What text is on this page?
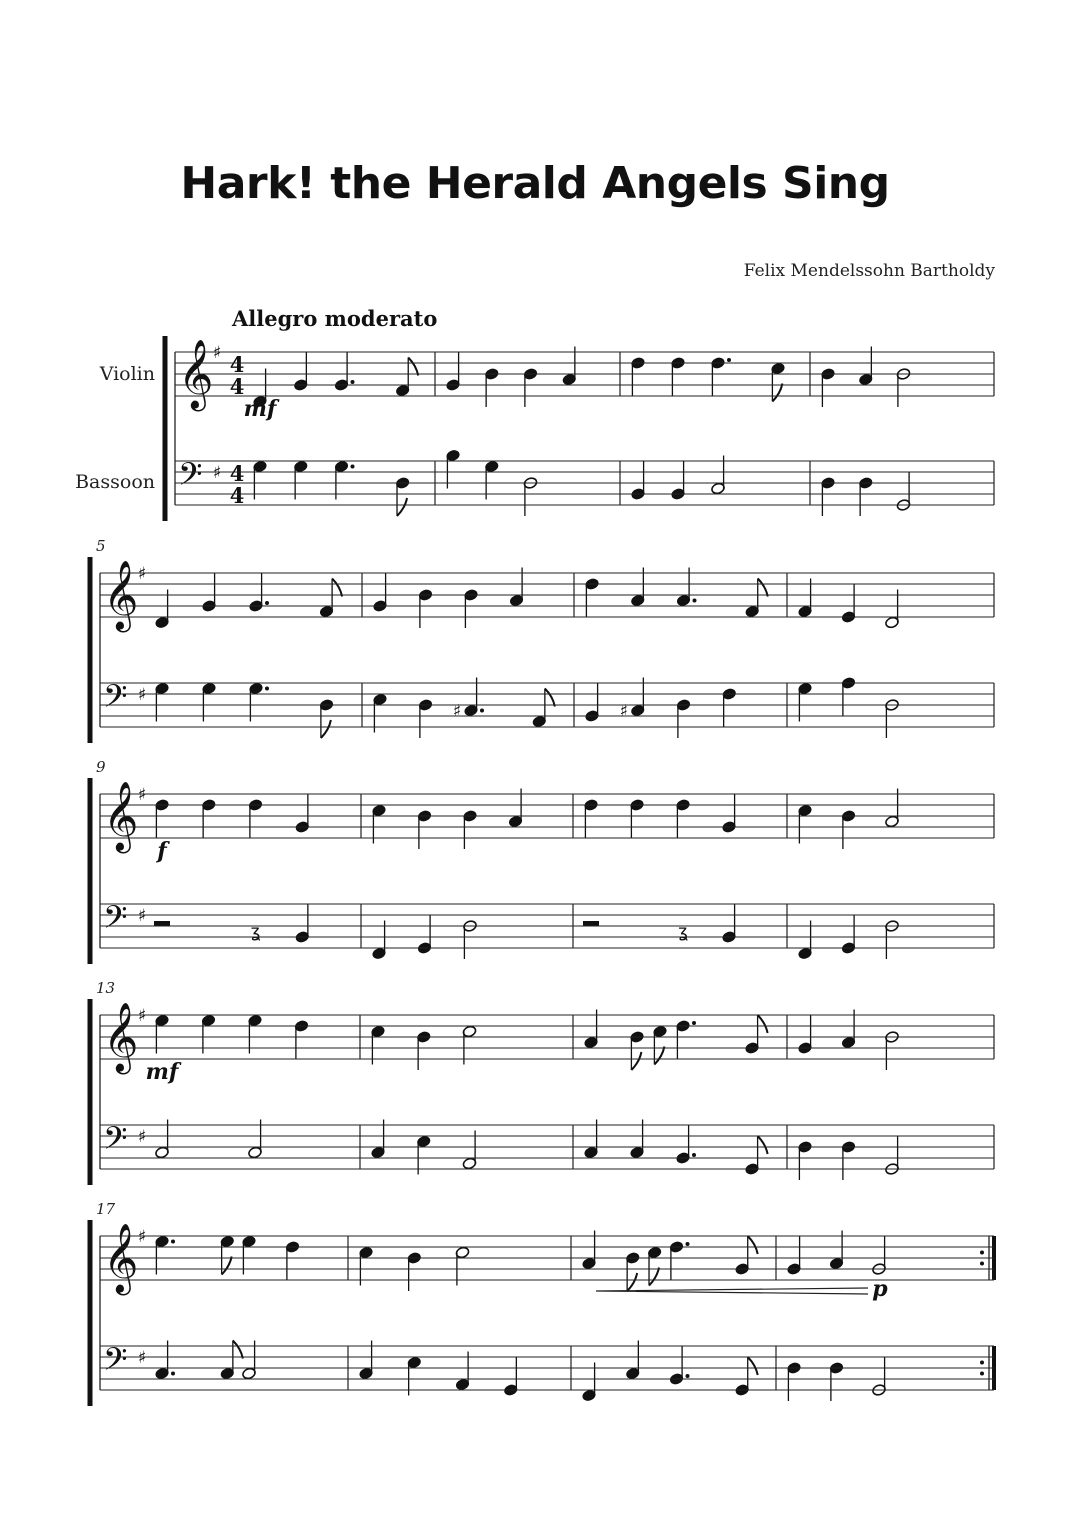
Hark! the Herald Angels Sing
Felix Mendelssohn Bartholdy
Allegro moderato
Violin
Bassoon
𝄞
𝄢
4
4
4
4
mf
♯
♯
𝄞
𝄢
5
♯	♯
♯
♯
𝄞
𝄢
9
ʓ	ʓ
f
♯
♯
𝄞
𝄢
13
mf
♯
♯
𝄞
𝄢
17
p
♯
♯
